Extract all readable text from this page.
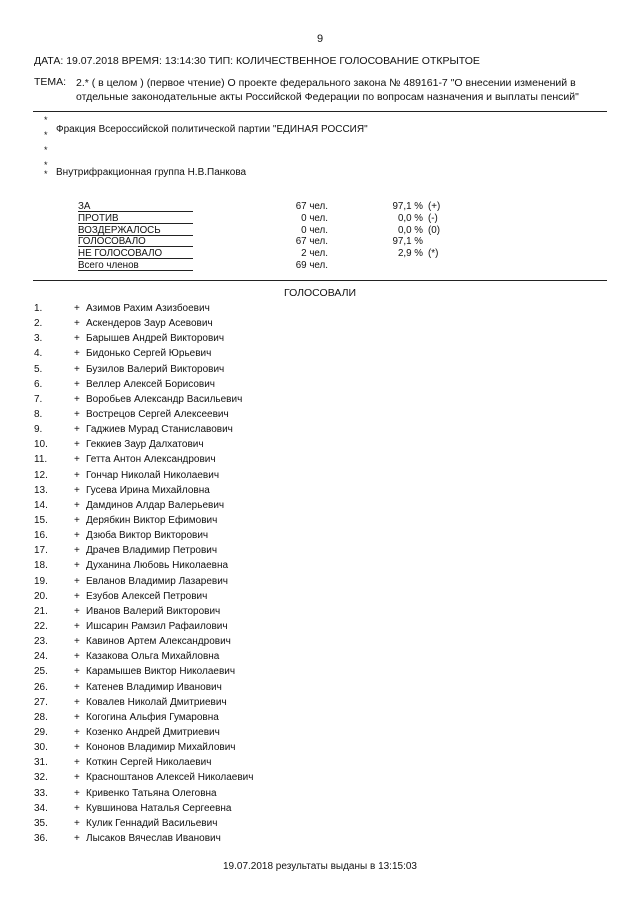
9
ДАТА: 19.07.2018 ВРЕМЯ: 13:14:30 ТИП: КОЛИЧЕСТВЕННОЕ ГОЛОСОВАНИЕ ОТКРЫТОЕ
ТЕМА: 2.* ( в целом ) (первое чтение) О проекте федерального закона № 489161-7 "О внесении изменений в
отдельные законодательные акты Российской Федерации по вопросам назначения и выплаты пенсий"
*
*
*
*
*
Фракция Всероссийской политической партии "ЕДИНАЯ РОССИЯ"
Внутрифракционная группа Н.В.Панкова
ЗА	67 чел.	97,1 % (+)
ПРОТИВ	0 чел.	0,0 % (-)
ВОЗДЕРЖАЛОСЬ	0 чел.	0,0 % (0)
ГОЛОСОВАЛО	67 чел.	97,1 %
НЕ ГОЛОСОВАЛО	2 чел.	2,9 % (*)
Всего членов	69 чел.
ГОЛОСОВАЛИ
1.	+ Азимов Рахим Азизбоевич
2.	+ Аскендеров Заур Асевович
3.	+ Барышев Андрей Викторович
4.	+ Бидонько Сергей Юрьевич
5.	+ Бузилов Валерий Викторович
6.	+ Веллер Алексей Борисович
7.	+ Воробьев Александр Васильевич
8.	+ Вострецов Сергей Алексеевич
9.	+ Гаджиев Мурад Станиславович
10.	+ Геккиев Заур Далхатович
11.	+ Гетта Антон Александрович
12.	+ Гончар Николай Николаевич
13.	+ Гусева Ирина Михайловна
14.	+ Дамдинов Алдар Валерьевич
15.	+ Дерябкин Виктор Ефимович
16.	+ Дзюба Виктор Викторович
17.	+ Драчев Владимир Петрович
18.	+ Духанина Любовь Николаевна
19.	+ Евланов Владимир Лазаревич
20.	+ Езубов Алексей Петрович
21.	+ Иванов Валерий Викторович
22.	+ Ишсарин Рамзил Рафаилович
23.	+ Кавинов Артем Александрович
24.	+ Казакова Ольга Михайловна
25.	+ Карамышев Виктор Николаевич
26.	+ Катенев Владимир Иванович
27.	+ Ковалев Николай Дмитриевич
28.	+ Когогина Альфия Гумаровна
29.	+ Козенко Андрей Дмитриевич
30.	+ Кононов Владимир Михайлович
31.	+ Коткин Сергей Николаевич
32.	+ Красноштанов Алексей Николаевич
33.	+ Кривенко Татьяна Олеговна
34.	+ Кувшинова Наталья Сергеевна
35.	+ Кулик Геннадий Васильевич
36.	+ Лысаков Вячеслав Иванович
19.07.2018 результаты выданы в 13:15:03
